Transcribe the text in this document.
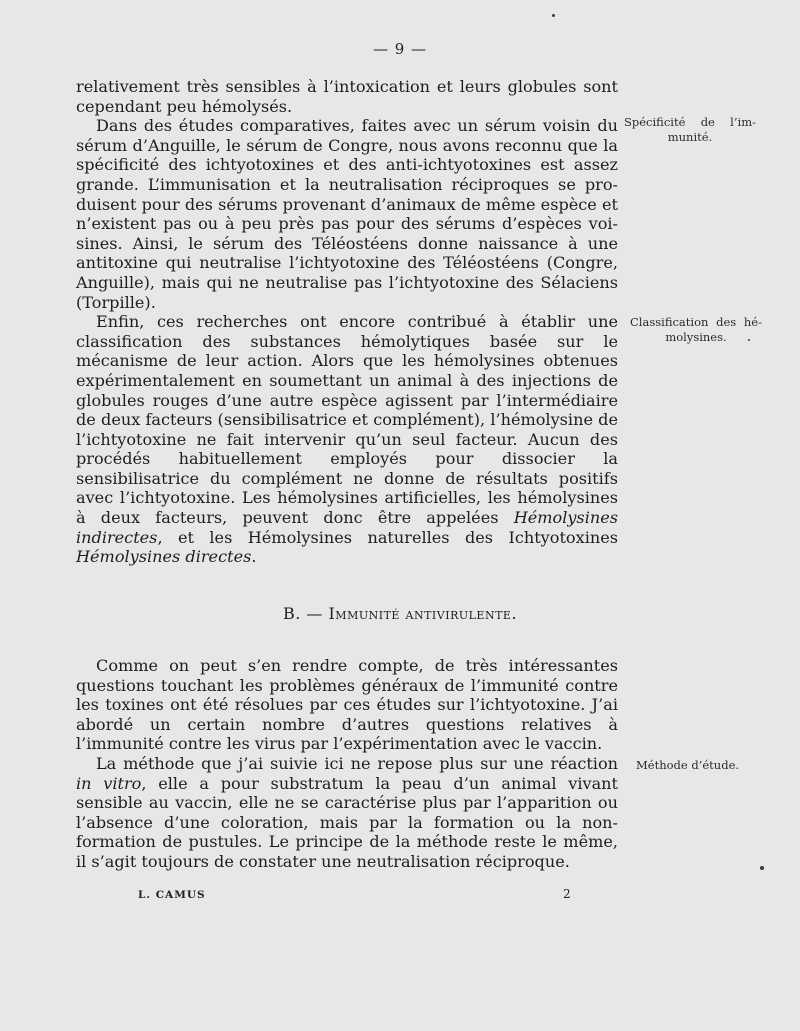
— 9 —

relativement très sensibles à l’intoxication et leurs globules sont cependant peu hémolysés.

Dans des études comparatives, faites avec un sérum voisin du sérum d’Anguille, le sérum de Congre, nous avons reconnu que la spécificité des ichtyotoxines et des anti-ichtyotoxines est assez grande. L’immunisation et la neutralisation réciproques se produisent pour des sérums provenant d’animaux de même espèce et n’existent pas ou à peu près pas pour des sérums d’espèces voisines. Ainsi, le sérum des Téléostéens donne naissance à une antitoxine qui neutralise l’ichtyotoxine des Téléostéens (Congre, Anguille), mais qui ne neutralise pas l’ichtyotoxine des Sélaciens (Torpille).

Enfin, ces recherches ont encore contribué à établir une classification des substances hémolytiques basée sur le mécanisme de leur action. Alors que les hémolysines obtenues expérimentalement en soumettant un animal à des injections de globules rouges d’une autre espèce agissent par l’intermédiaire de deux facteurs (sensibilisatrice et complément), l’hémolysine de l’ichtyotoxine ne fait intervenir qu’un seul facteur. Aucun des procédés habituellement employés pour dissocier la sensibilisatrice du complément ne donne de résultats positifs avec l’ichtyotoxine. Les hémolysines artificielles, les hémolysines à deux facteurs, peuvent donc être appelées Hémolysines indirectes, et les Hémolysines naturelles des Ichtyotoxines Hémolysines directes.

B. — Immunité antivirulente.

Comme on peut s’en rendre compte, de très intéressantes questions touchant les problèmes généraux de l’immunité contre les toxines ont été résolues par ces études sur l’ichtyotoxine. J’ai abordé un certain nombre d’autres questions relatives à l’immunité contre les virus par l’expérimentation avec le vaccin.

La méthode que j’ai suivie ici ne repose plus sur une réaction in vitro, elle a pour substratum la peau d’un animal vivant sensible au vaccin, elle ne se caractérise plus par l’apparition ou l’absence d’une coloration, mais par la formation ou la non-formation de pustules. Le principe de la méthode reste le même, il s’agit toujours de constater une neutralisation réciproque.

Spécificité de l’im-
munité.
Classification des hé-
molysines.
Méthode d’étude.
L. CAMUS	2
